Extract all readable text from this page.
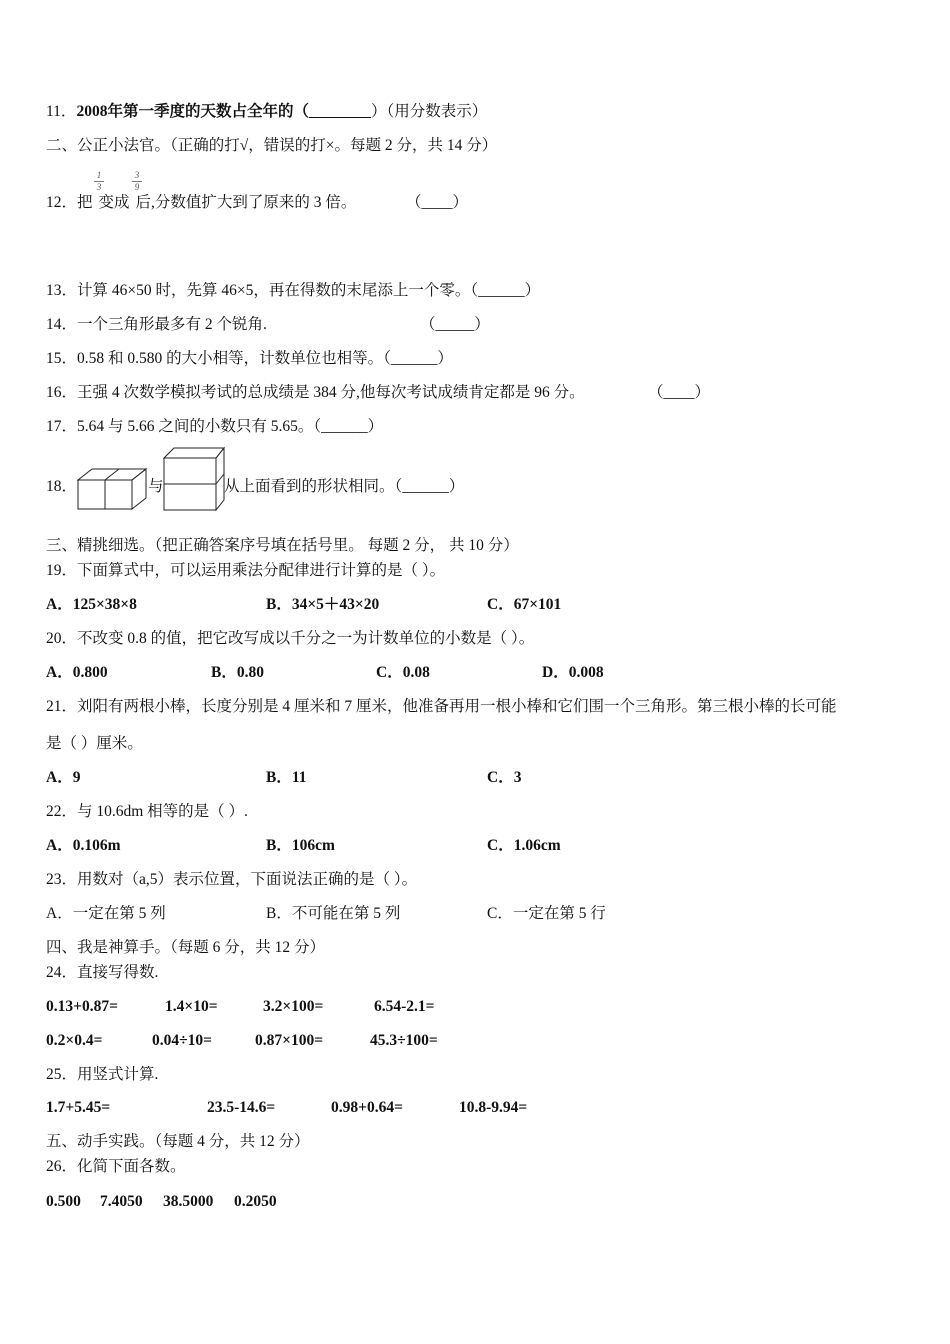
11．2008年第一季度的天数占全年的（________）（用分数表示）
二、公正小法官。（正确的打√，错误的打×。每题 2 分，共 14 分）
1
3
3
9
12．把 变成 后,分数值扩大到了原来的 3 倍。	（____）
13．计算 46×50 时，先算 46×5，再在得数的末尾添上一个零。（______）
14．一个三角形最多有 2 个锐角.	（_____）
15．0.58 和 0.580 的大小相等，计数单位也相等。（______）
16．王强 4 次数学模拟考试的总成绩是 384 分,他每次考试成绩肯定都是 96 分。	（____）
17．5.64 与 5.66 之间的小数只有 5.65。（______）
18．	与	从上面看到的形状相同。（______）
三、精挑细选。（把正确答案序号填在括号里。 每题 2 分， 共 10 分）
19．下面算式中，可以运用乘法分配律进行计算的是（ ）。
A．125×38×8	B．34×5＋43×20	C．67×101
20．不改变 0.8 的值，把它改写成以千分之一为计数单位的小数是（ ）。
A．0.800	B．0.80	C．0.08	D．0.008
21．刘阳有两根小棒，长度分别是 4 厘米和 7 厘米，他准备再用一根小棒和它们围一个三角形。第三根小棒的长可能
是（ ）厘米。
A．9	B．11	C．3
22．与 10.6dm 相等的是（ ）.
A．0.106m	B．106cm	C．1.06cm
23．用数对（a,5）表示位置，下面说法正确的是（ ）。
A．一定在第 5 列	B．不可能在第 5 列	C．一定在第 5 行
四、我是神算手。（每题 6 分，共 12 分）
24．直接写得数.
0.13+0.87=	1.4×10=	3.2×100=	6.54-2.1=
0.2×0.4=	0.04÷10=	0.87×100=	45.3÷100=
25．用竖式计算.
1.7+5.45=	23.5-14.6=	0.98+0.64=	10.8-9.94=
五、动手实践。（每题 4 分，共 12 分）
26．化简下面各数。
0.500 7.4050 38.5000 0.2050
